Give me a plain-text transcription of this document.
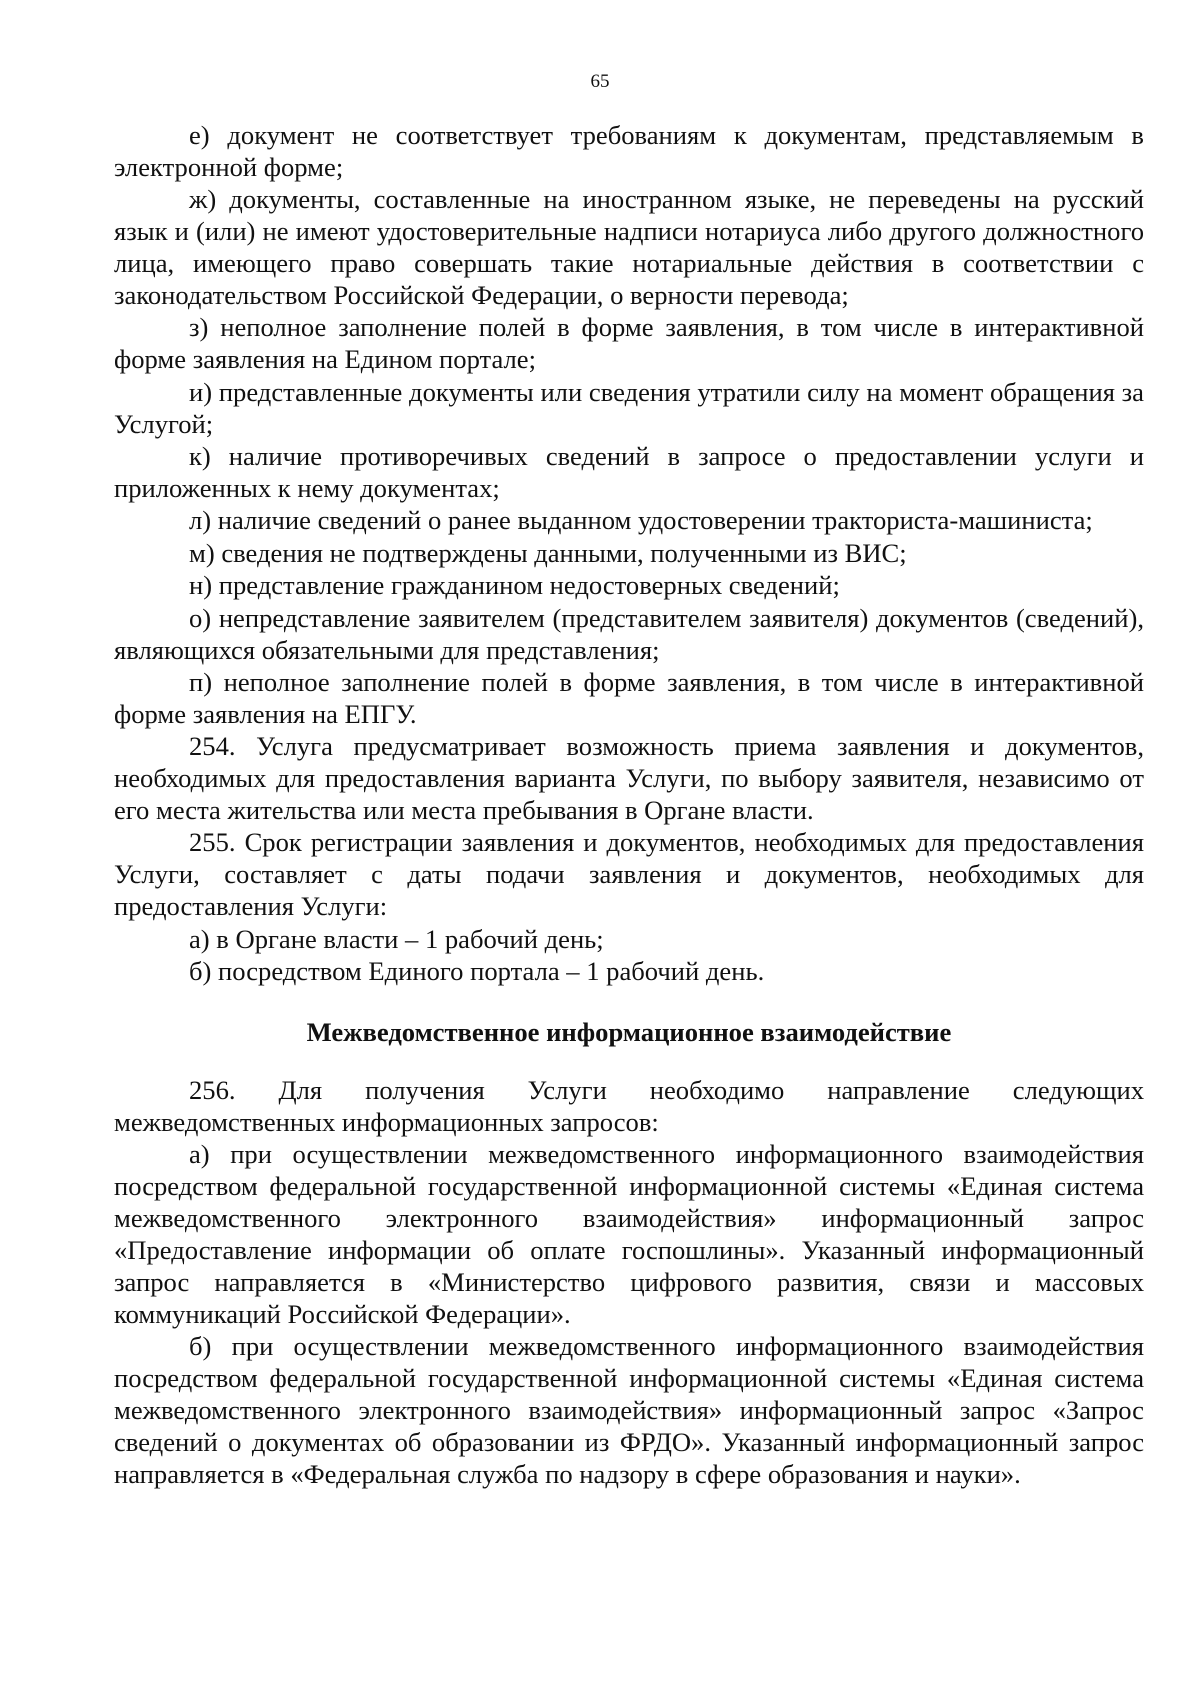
65

е) документ не соответствует требованиям к документам, представляемым в электронной форме;

ж) документы, составленные на иностранном языке, не переведены на русский язык и (или) не имеют удостоверительные надписи нотариуса либо другого должностного лица, имеющего право совершать такие нотариальные действия в соответствии с законодательством Российской Федерации, о верности перевода;

з) неполное заполнение полей в форме заявления, в том числе в интерактивной форме заявления на Едином портале;

и) представленные документы или сведения утратили силу на момент обращения за Услугой;

к) наличие противоречивых сведений в запросе о предоставлении услуги и приложенных к нему документах;

л) наличие сведений о ранее выданном удостоверении тракториста-машиниста;

м) сведения не подтверждены данными, полученными из ВИС;

н) представление гражданином недостоверных сведений;

о) непредставление заявителем (представителем заявителя) документов (сведений), являющихся обязательными для представления;

п) неполное заполнение полей в форме заявления, в том числе в интерактивной форме заявления на ЕПГУ.

254. Услуга предусматривает возможность приема заявления и документов, необходимых для предоставления варианта Услуги, по выбору заявителя, независимо от его места жительства или места пребывания в Органе власти.

255. Срок регистрации заявления и документов, необходимых для предоставления Услуги, составляет с даты подачи заявления и документов, необходимых для предоставления Услуги:

а) в Органе власти – 1 рабочий день;

б) посредством Единого портала – 1 рабочий день.

Межведомственное информационное взаимодействие

256. Для получения Услуги необходимо направление следующих межведомственных информационных запросов:

а) при осуществлении межведомственного информационного взаимодействия посредством федеральной государственной информационной системы «Единая система межведомственного электронного взаимодействия» информационный запрос «Предоставление информации об оплате госпошлины». Указанный информационный запрос направляется в «Министерство цифрового развития, связи и массовых коммуникаций Российской Федерации».

б) при осуществлении межведомственного информационного взаимодействия посредством федеральной государственной информационной системы «Единая система межведомственного электронного взаимодействия» информационный запрос «Запрос сведений о документах об образовании из ФРДО». Указанный информационный запрос направляется в «Федеральная служба по надзору в сфере образования и науки».
